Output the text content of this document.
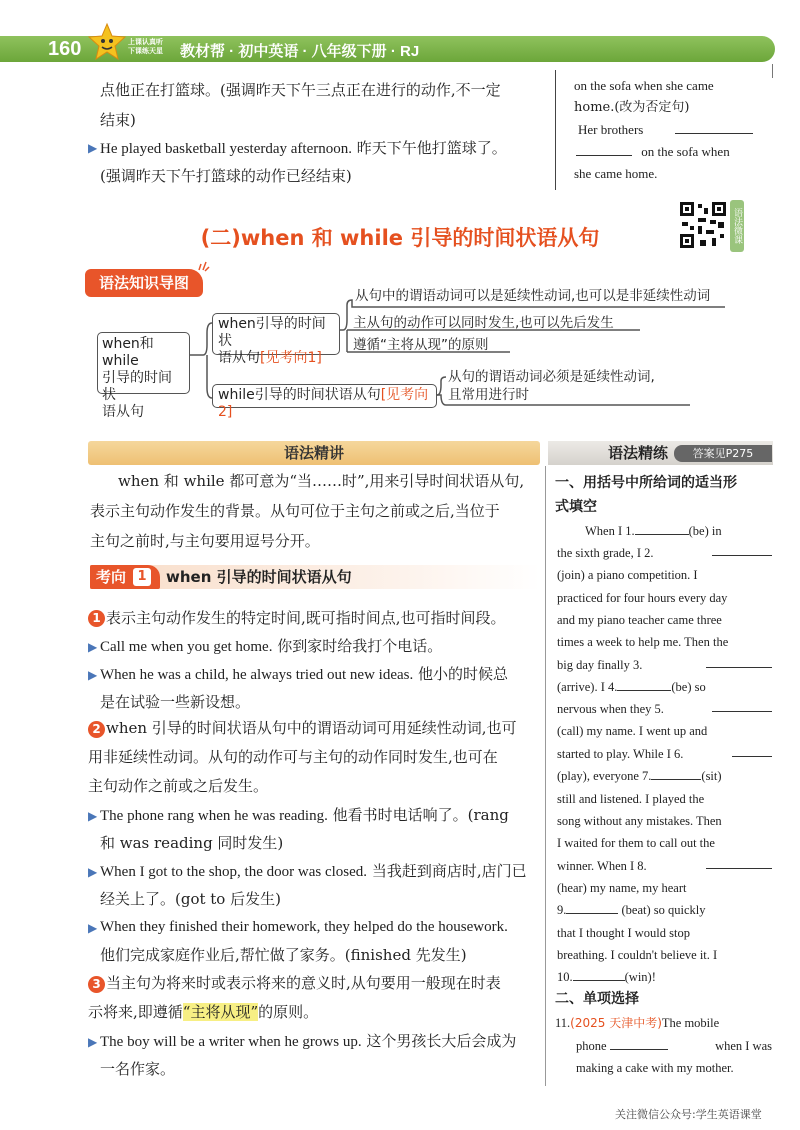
160	上课认真听
下课练天星	教材帮 · 初中英语 · 八年级下册 · RJ
点他正在打篮球。(强调昨天下午三点正在进行的动作,不一定
结束)
▶ He played basketball yesterday afternoon. 昨天下午他打篮球了。
(强调昨天下午打篮球的动作已经结束)
on the sofa when she came
home.(改为否定句)
Her brothers
on the sofa when
she came home.
(二)when 和 while 引导的时间状语从句	语法微课
语法知识导图
when和while
引导的时间状
语从句
when引导的时间状
语从句[见考向1]
while引导的时间状语从句[见考向2]
从句中的谓语动词可以是延续性动词,也可以是非延续性动词
主从句的动作可以同时发生,也可以先后发生
遵循“主将从现”的原则
从句的谓语动词必须是延续性动词,
且常用进行时
语法精讲	语法精练	答案见P275
when 和 while 都可意为“当……时”,用来引导时间状语从句,
表示主句动作发生的背景。从句可位于主句之前或之后,当位于
主句之前时,与主句要用逗号分开。
考向 1 when 引导的时间状语从句
1 表示主句动作发生的特定时间,既可指时间点,也可指时间段。
▶ Call me when you get home. 你到家时给我打个电话。
▶ When he was a child, he always tried out new ideas. 他小的时候总
是在试验一些新设想。
2 when 引导的时间状语从句中的谓语动词可用延续性动词,也可
用非延续性动词。从句的动作可与主句的动作同时发生,也可在
主句动作之前或之后发生。
▶ The phone rang when he was reading. 他看书时电话响了。(rang
和 was reading 同时发生)
▶ When I got to the shop, the door was closed. 当我赶到商店时,店门已
经关上了。(got to 后发生)
▶ When they finished their homework, they helped do the housework.
他们完成家庭作业后,帮忙做了家务。(finished 先发生)
3 当主句为将来时或表示将来的意义时,从句要用一般现在时表
示将来,即遵循“主将从现”的原则。
▶ The boy will be a writer when he grows up. 这个男孩长大后会成为
一名作家。
一、用括号中所给词的适当形
式填空
When I 1.	(be) in
the sixth grade, I 2.
(join) a piano competition. I
practiced for four hours every day
and my piano teacher came three
times a week to help me. Then the
big day finally 3.
(arrive). I 4.	(be) so
nervous when they 5.
(call) my name. I went up and
started to play. While I 6.
(play), everyone 7.	(sit)
still and listened. I played the
song without any mistakes. Then
I waited for them to call out the
winner. When I 8.
(hear) my name, my heart
9.	(beat) so quickly
that I thought I would stop
breathing. I couldn't believe it. I
10.	(win)!
二、单项选择
11.(2025 天津中考)The mobile
phone	when I was
making a cake with my mother.
关注微信公众号:学生英语课堂
